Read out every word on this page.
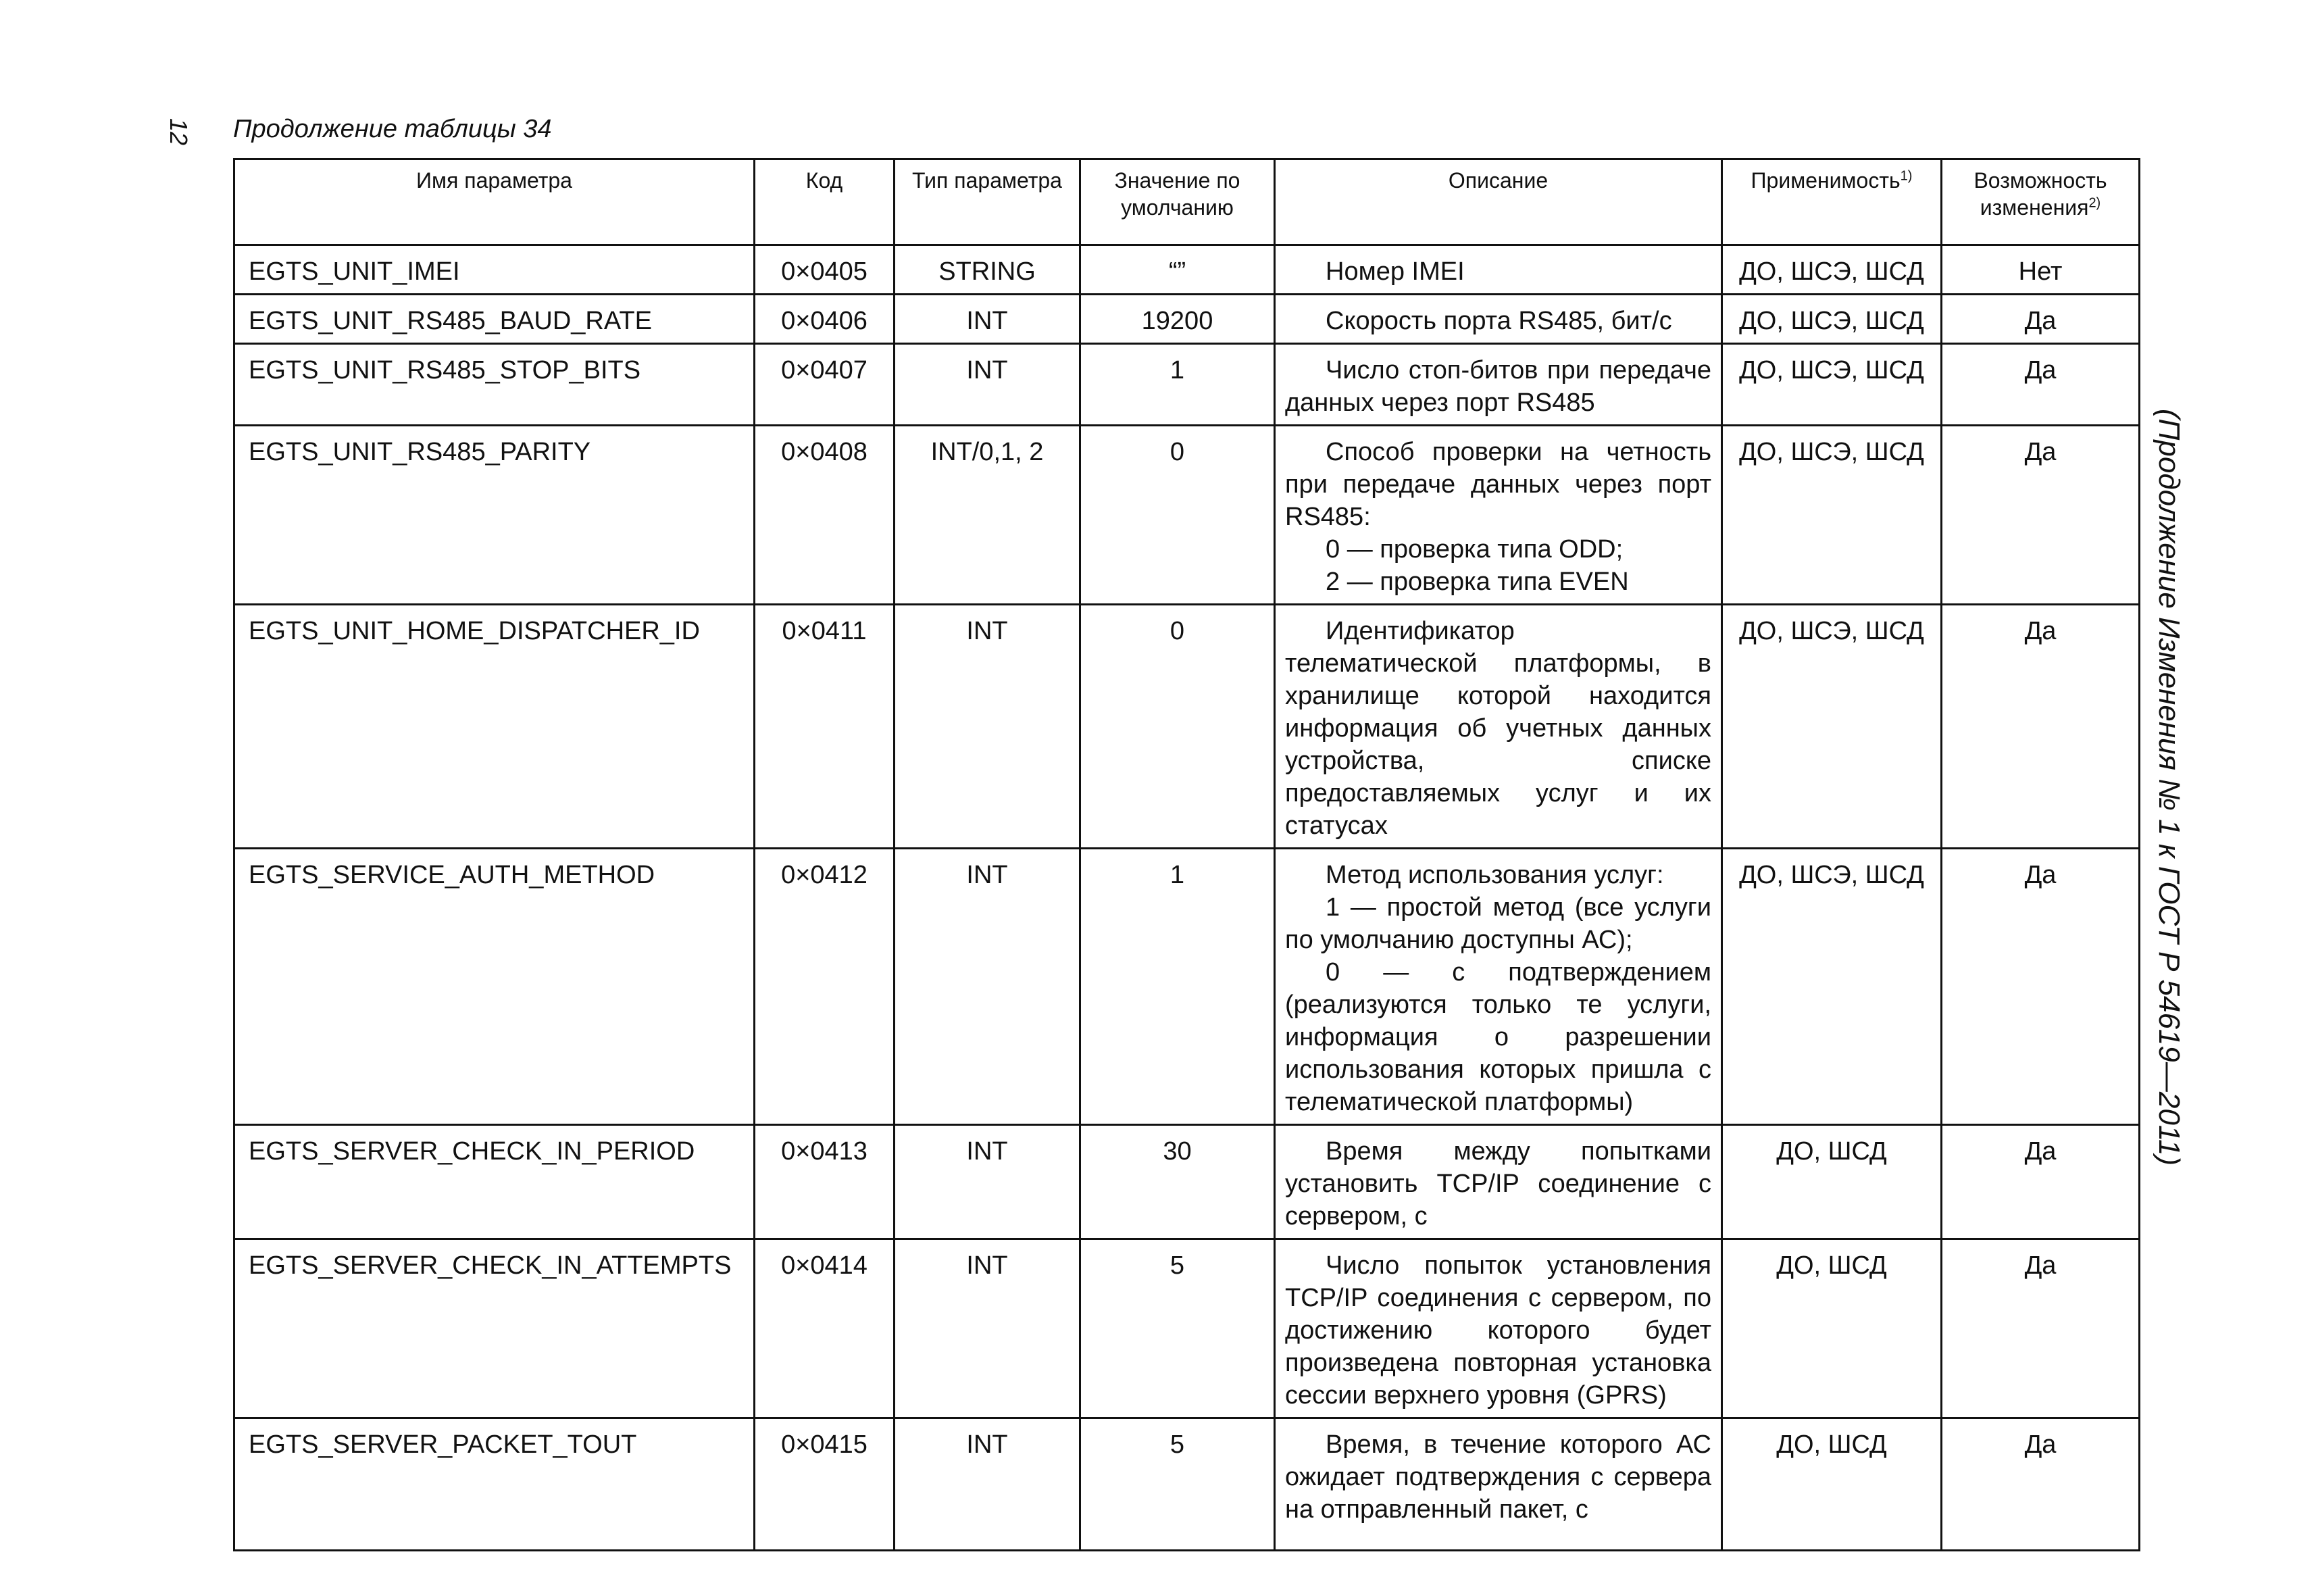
12 Продолжение таблицы 34
(Продолжение Изменения № 1 к ГОСТ Р 54619—2011)
Имя параметра	Код	Тип параметра	Значение по умолчанию	Описание	Применимость$^{1)}$	Возможность изменения$^{2)}$
EGTS_UNIT_IMEI	0×0405	STRING	“”	Номер IMEI	ДО, ШСЭ, ШСД	Нет
EGTS_UNIT_RS485_BAUD_RATE	0×0406	INT	19200	Скорость порта RS485, бит/с	ДО, ШСЭ, ШСД	Да
EGTS_UNIT_RS485_STOP_BITS	0×0407	INT	1	Число стоп-битов при передаче данных через порт RS485	ДО, ШСЭ, ШСД	Да
EGTS_UNIT_RS485_PARITY	0×0408	INT/0,1, 2	0	Способ проверки на четность при передаче данных через порт RS485:

0 — проверка типа ODD;

2 — проверка типа EVEN	ДО, ШСЭ, ШСД	Да
EGTS_UNIT_HOME_DISPATCHER_ID	0×0411	INT	0	Идентификатор телематической платформы, в хранилище которой находится информация об учетных данных устройства, списке предоставляемых услуг и их статусах	ДО, ШСЭ, ШСД	Да
EGTS_SERVICE_AUTH_METHOD	0×0412	INT	1	Метод использования услуг:

1 — простой метод (все услуги по умолчанию доступны АС);

0 — с подтверждением (реализуются только те услуги, информация о разрешении использования которых пришла с телематической платформы)	ДО, ШСЭ, ШСД	Да
EGTS_SERVER_CHECK_IN_PERIOD	0×0413	INT	30	Время между попытками установить TCP/IP соединение с сервером, с	ДО, ШСД	Да
EGTS_SERVER_CHECK_IN_ATTEMPTS	0×0414	INT	5	Число попыток установления TCP/IP соединения с сервером, по достижению которого будет произведена повторная установка сессии верхнего уровня (GPRS)	ДО, ШСД	Да
EGTS_SERVER_PACKET_TOUT	0×0415	INT	5	Время, в течение которого АС ожидает подтверждения с сервера на отправленный пакет, с	ДО, ШСД	Да
